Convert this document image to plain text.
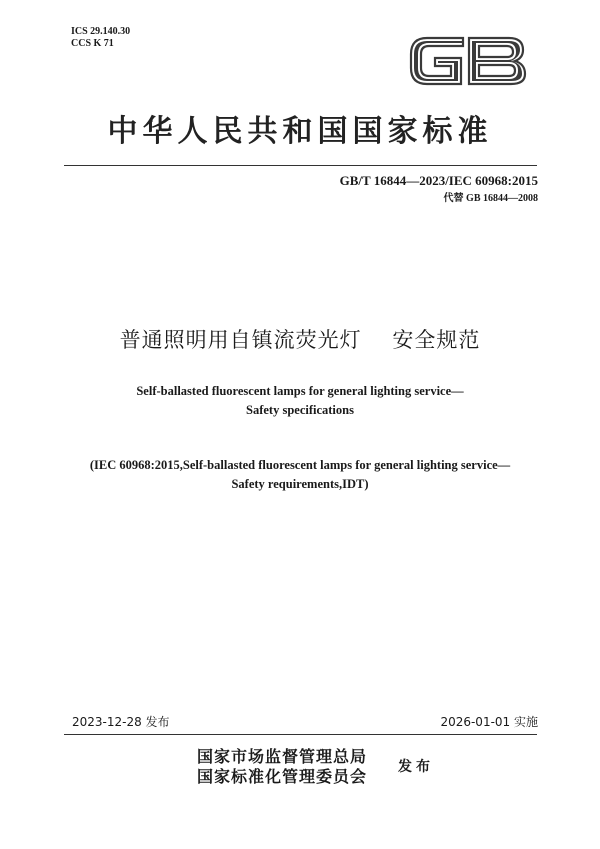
ICS 29.140.30
CCS K 71
中华人民共和国国家标准
GB/T 16844—2023/IEC 60968:2015
代替 GB 16844—2008
普通照明用自镇流荧光灯    安全规范
Self-ballasted fluorescent lamps for general lighting service—
Safety specifications
(IEC 60968:2015,Self-ballasted fluorescent lamps for general lighting service—
Safety requirements,IDT)
2023-12-28 发布	2026-01-01 实施
国家市场监督管理总局
国家标准化管理委员会 发布
